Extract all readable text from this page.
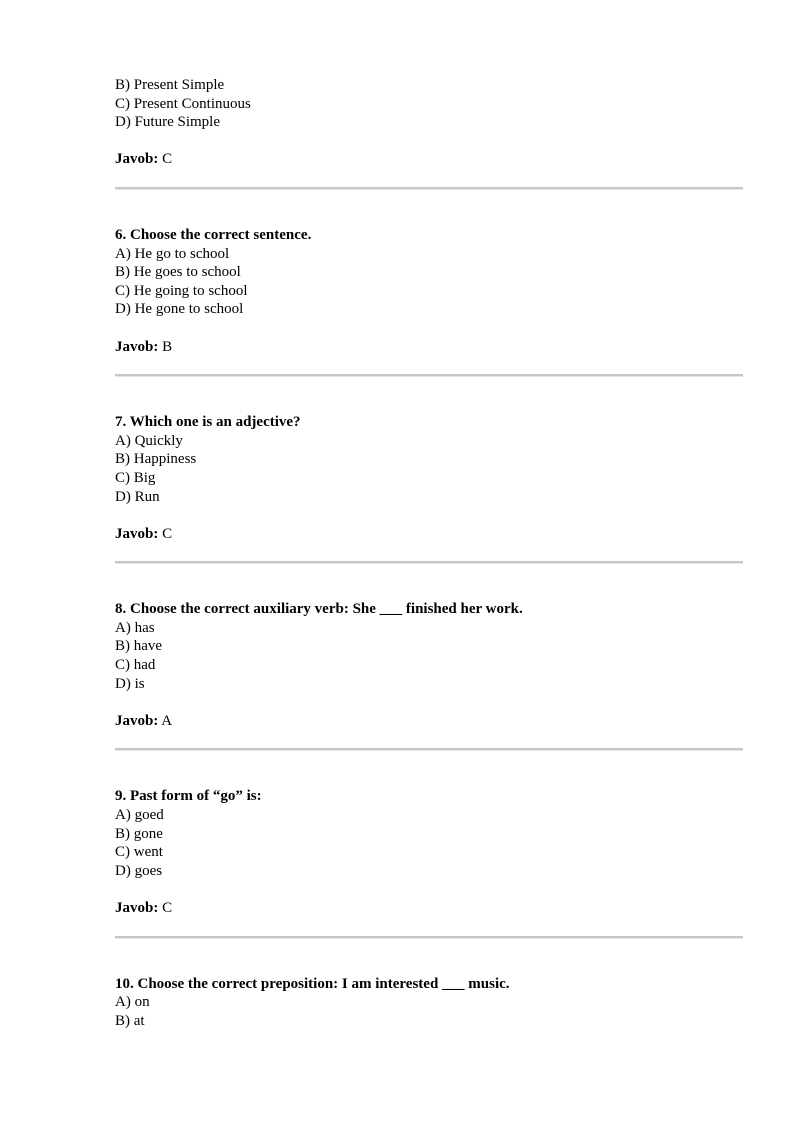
B) Present Simple
C) Present Continuous
D) Future Simple
Javob: C
6. Choose the correct sentence.
A) He go to school
B) He goes to school
C) He going to school
D) He gone to school
Javob: B
7. Which one is an adjective?
A) Quickly
B) Happiness
C) Big
D) Run
Javob: C
8. Choose the correct auxiliary verb: She ___ finished her work.
A) has
B) have
C) had
D) is
Javob: A
9. Past form of “go” is:
A) goed
B) gone
C) went
D) goes
Javob: C
10. Choose the correct preposition: I am interested ___ music.
A) on
B) at
